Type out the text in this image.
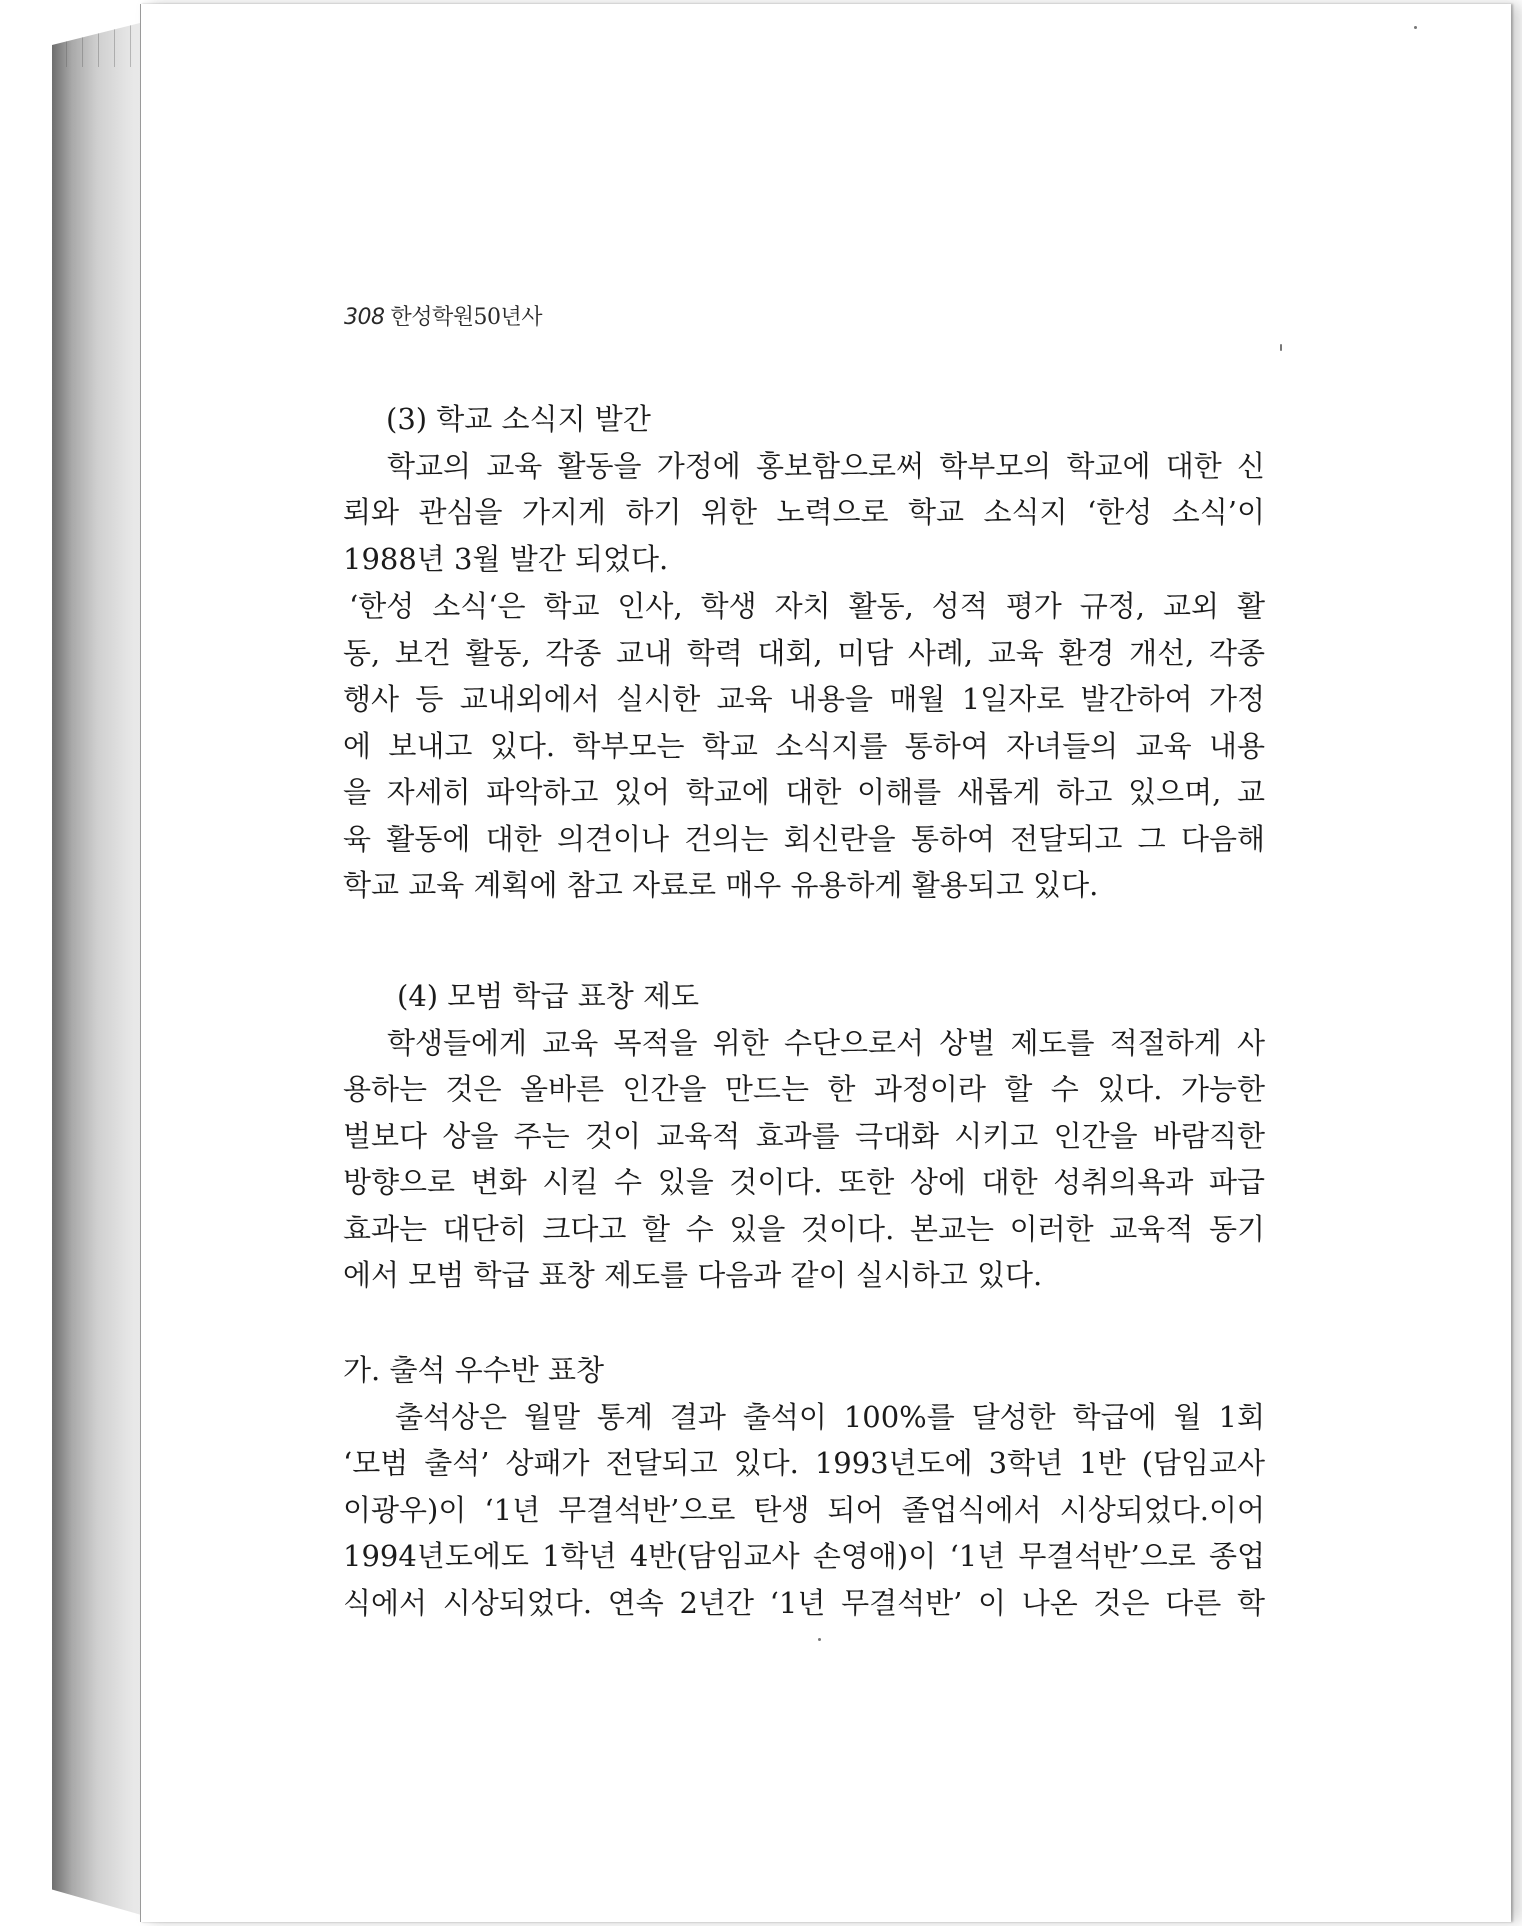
308 한성학원50년사
(3) 학교 소식지 발간
학교의 교육 활동을 가정에 홍보함으로써 학부모의 학교에 대한 신
뢰와 관심을 가지게 하기 위한 노력으로 학교 소식지 ‘한성 소식’이
1988년 3월 발간 되었다.
‘한성 소식‘은 학교 인사, 학생 자치 활동, 성적 평가 규정, 교외 활
동, 보건 활동, 각종 교내 학력 대회, 미담 사례, 교육 환경 개선, 각종
행사 등 교내외에서 실시한 교육 내용을 매월 1일자로 발간하여 가정
에 보내고 있다. 학부모는 학교 소식지를 통하여 자녀들의 교육 내용
을 자세히 파악하고 있어 학교에 대한 이해를 새롭게 하고 있으며, 교
육 활동에 대한 의견이나 건의는 회신란을 통하여 전달되고 그 다음해
학교 교육 계획에 참고 자료로 매우 유용하게 활용되고 있다.
(4) 모범 학급 표창 제도
학생들에게 교육 목적을 위한 수단으로서 상벌 제도를 적절하게 사
용하는 것은 올바른 인간을 만드는 한 과정이라 할 수 있다. 가능한
벌보다 상을 주는 것이 교육적 효과를 극대화 시키고 인간을 바람직한
방향으로 변화 시킬 수 있을 것이다. 또한 상에 대한 성취의욕과 파급
효과는 대단히 크다고 할 수 있을 것이다. 본교는 이러한 교육적 동기
에서 모범 학급 표창 제도를 다음과 같이 실시하고 있다.
가. 출석 우수반 표창
출석상은 월말 통계 결과 출석이 100%를 달성한 학급에 월 1회
‘모범 출석’ 상패가 전달되고 있다. 1993년도에 3학년 1반 (담임교사
이광우)이 ‘1년 무결석반’으로 탄생 되어 졸업식에서 시상되었다.이어
1994년도에도 1학년 4반(담임교사 손영애)이 ‘1년 무결석반’으로 종업
식에서 시상되었다. 연속 2년간 ‘1년 무결석반’ 이 나온 것은 다른 학
